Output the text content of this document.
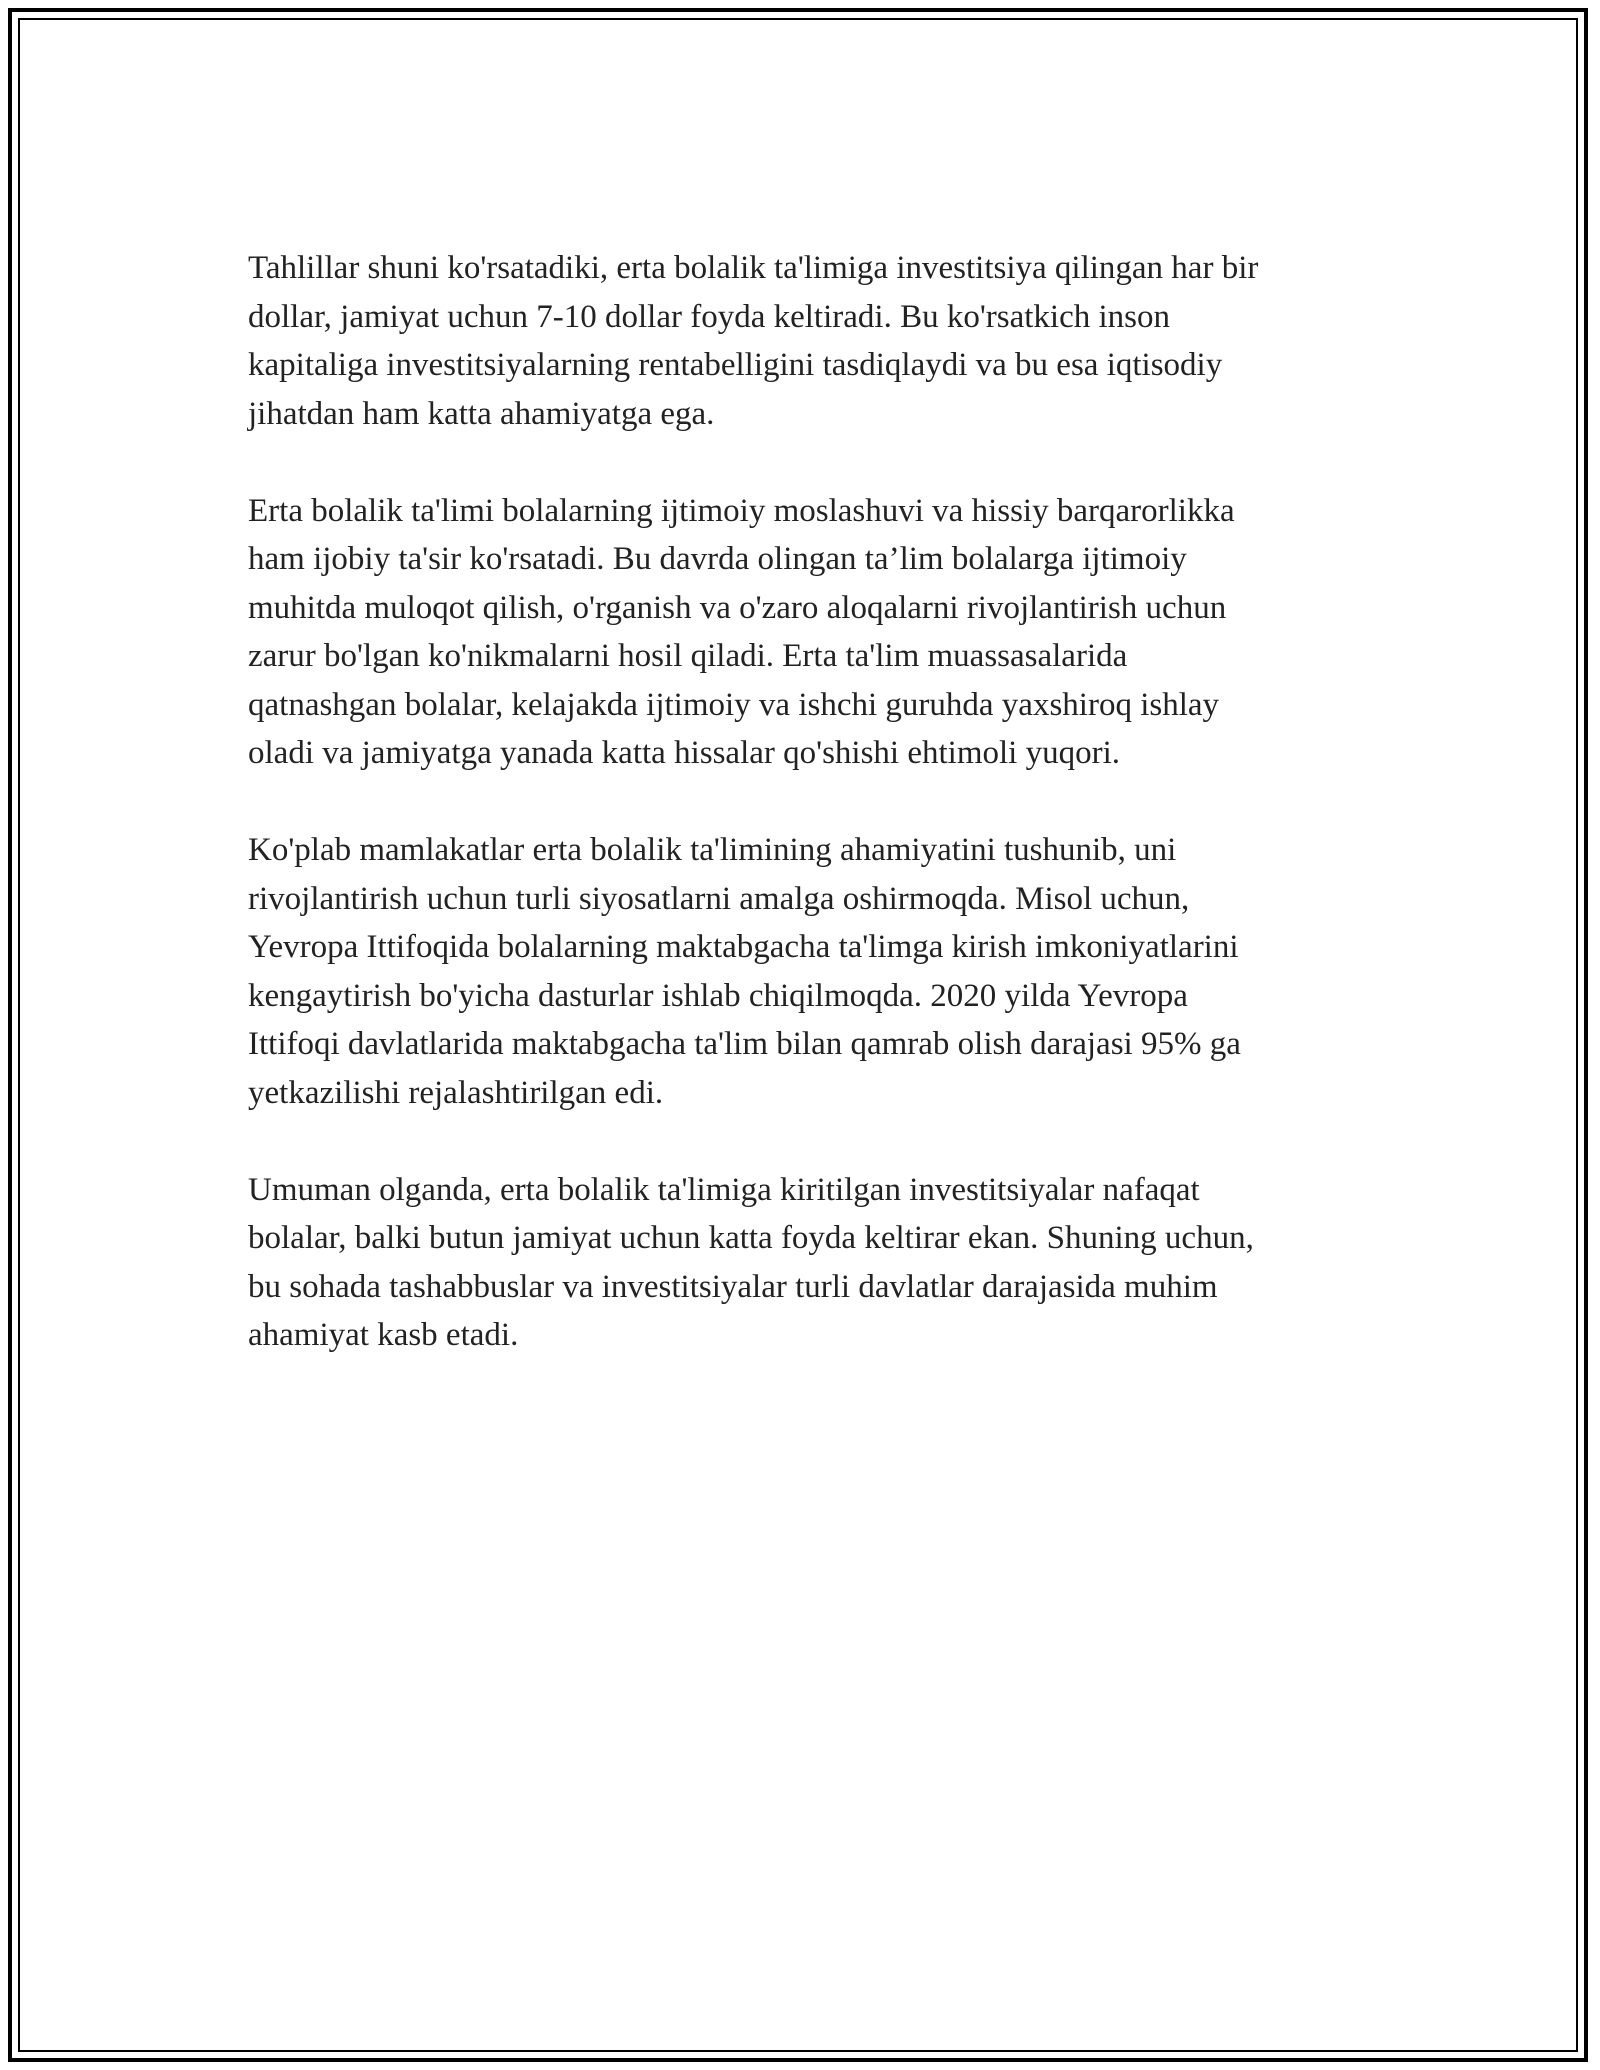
Tahlillar shuni ko'rsatadiki, erta bolalik ta'limiga investitsiya qilingan har bir
dollar, jamiyat uchun 7-10 dollar foyda keltiradi. Bu ko'rsatkich inson
kapitaliga investitsiyalarning rentabelligini tasdiqlaydi va bu esa iqtisodiy
jihatdan ham katta ahamiyatga ega.

Erta bolalik ta'limi bolalarning ijtimoiy moslashuvi va hissiy barqarorlikka
ham ijobiy ta'sir ko'rsatadi. Bu davrda olingan ta’lim bolalarga ijtimoiy
muhitda muloqot qilish, o'rganish va o'zaro aloqalarni rivojlantirish uchun
zarur bo'lgan ko'nikmalarni hosil qiladi. Erta ta'lim muassasalarida
qatnashgan bolalar, kelajakda ijtimoiy va ishchi guruhda yaxshiroq ishlay
oladi va jamiyatga yanada katta hissalar qo'shishi ehtimoli yuqori.

Ko'plab mamlakatlar erta bolalik ta'limining ahamiyatini tushunib, uni
rivojlantirish uchun turli siyosatlarni amalga oshirmoqda. Misol uchun,
Yevropa Ittifoqida bolalarning maktabgacha ta'limga kirish imkoniyatlarini
kengaytirish bo'yicha dasturlar ishlab chiqilmoqda. 2020 yilda Yevropa
Ittifoqi davlatlarida maktabgacha ta'lim bilan qamrab olish darajasi 95% ga
yetkazilishi rejalashtirilgan edi.

Umuman olganda, erta bolalik ta'limiga kiritilgan investitsiyalar nafaqat
bolalar, balki butun jamiyat uchun katta foyda keltirar ekan. Shuning uchun,
bu sohada tashabbuslar va investitsiyalar turli davlatlar darajasida muhim
ahamiyat kasb etadi.
